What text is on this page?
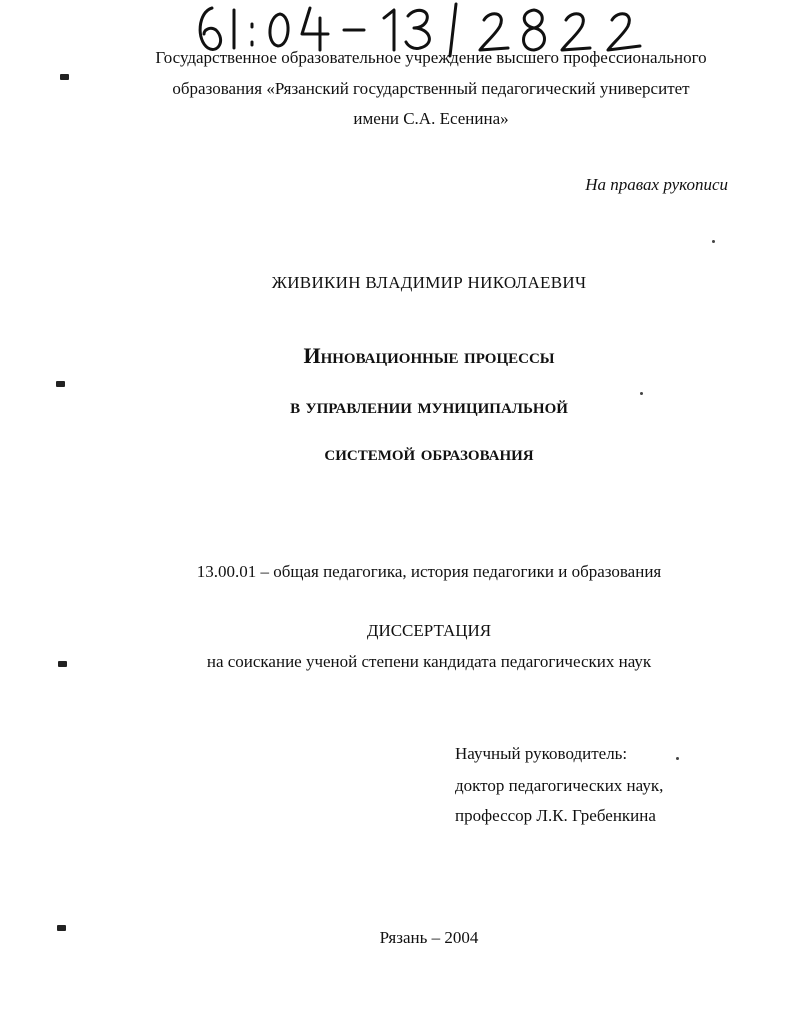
Государственное образовательное учреждение высшего профессионального
образования «Рязанский государственный педагогический университет
имени С.А. Есенина»
На правах рукописи
ЖИВИКИН ВЛАДИМИР НИКОЛАЕВИЧ
Инновационные процессы
в управлении муниципальной
системой образования
13.00.01 – общая педагогика, история педагогики и образования
ДИССЕРТАЦИЯ
на соискание ученой степени кандидата педагогических наук
Научный руководитель:
доктор педагогических наук,
профессор Л.К. Гребенкина
Рязань – 2004
